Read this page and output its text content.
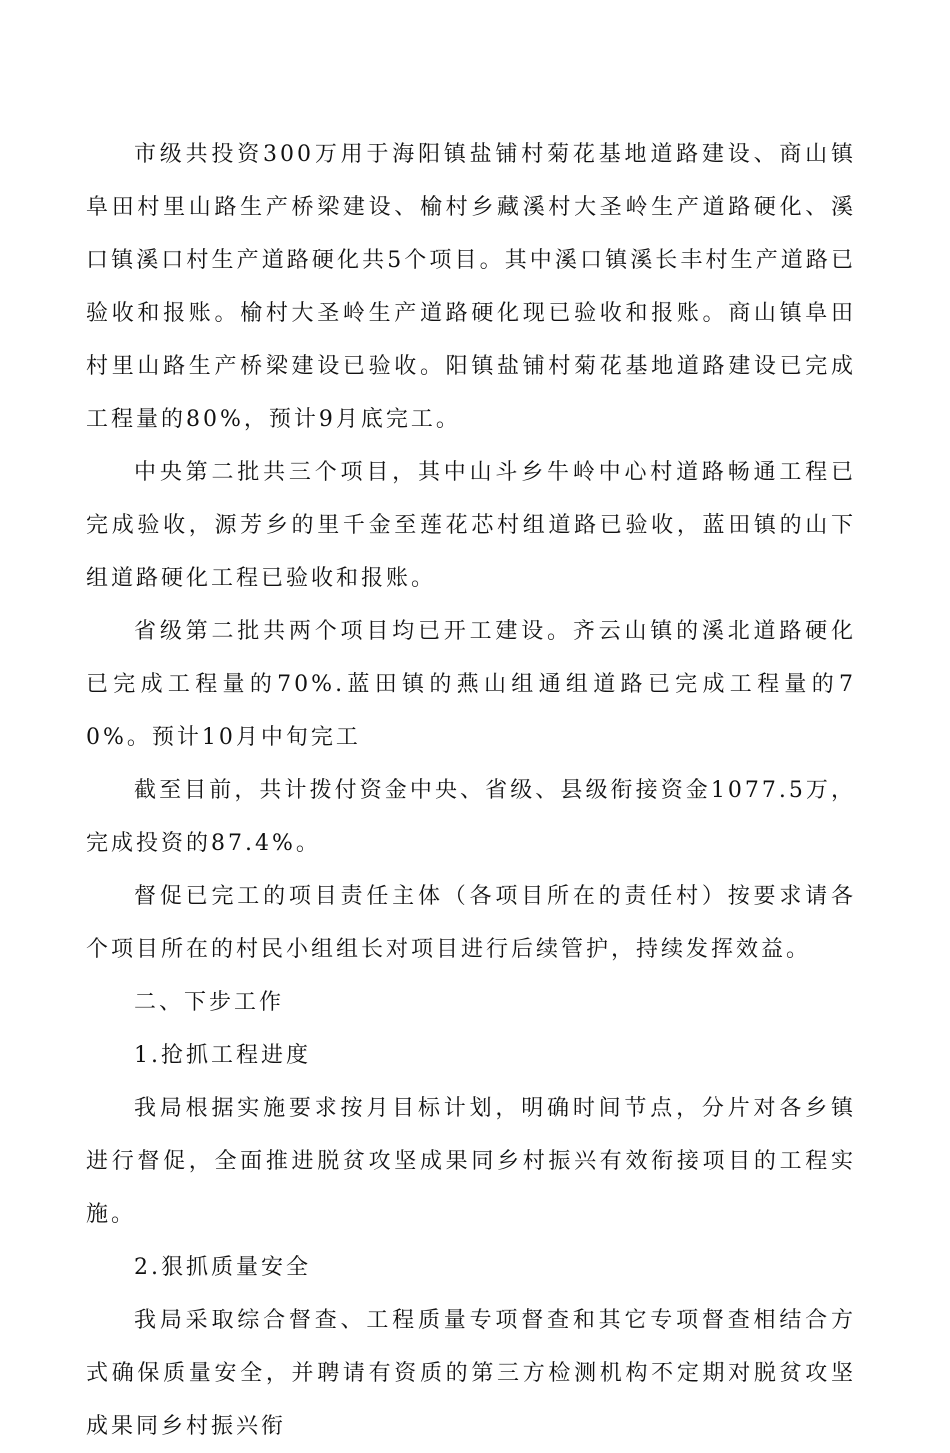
市级共投资300万用于海阳镇盐铺村菊花基地道路建设、商山镇阜田村里山路生产桥梁建设、榆村乡藏溪村大圣岭生产道路硬化、溪口镇溪口村生产道路硬化共5个项目。其中溪口镇溪长丰村生产道路已验收和报账。榆村大圣岭生产道路硬化现已验收和报账。商山镇阜田村里山路生产桥梁建设已验收。阳镇盐铺村菊花基地道路建设已完成工程量的80%，预计9月底完工。

中央第二批共三个项目，其中山斗乡牛岭中心村道路畅通工程已完成验收，源芳乡的里千金至莲花芯村组道路已验收，蓝田镇的山下组道路硬化工程已验收和报账。

省级第二批共两个项目均已开工建设。齐云山镇的溪北道路硬化已完成工程量的70%.蓝田镇的燕山组通组道路已完成工程量的70%。预计10月中旬完工

截至目前，共计拨付资金中央、省级、县级衔接资金1077.5万，完成投资的87.4%。

督促已完工的项目责任主体（各项目所在的责任村）按要求请各个项目所在的村民小组组长对项目进行后续管护，持续发挥效益。

二、下步工作

1.抢抓工程进度

我局根据实施要求按月目标计划，明确时间节点，分片对各乡镇进行督促，全面推进脱贫攻坚成果同乡村振兴有效衔接项目的工程实施。

2.狠抓质量安全

我局采取综合督查、工程质量专项督查和其它专项督查相结合方式确保质量安全，并聘请有资质的第三方检测机构不定期对脱贫攻坚成果同乡村振兴衔
